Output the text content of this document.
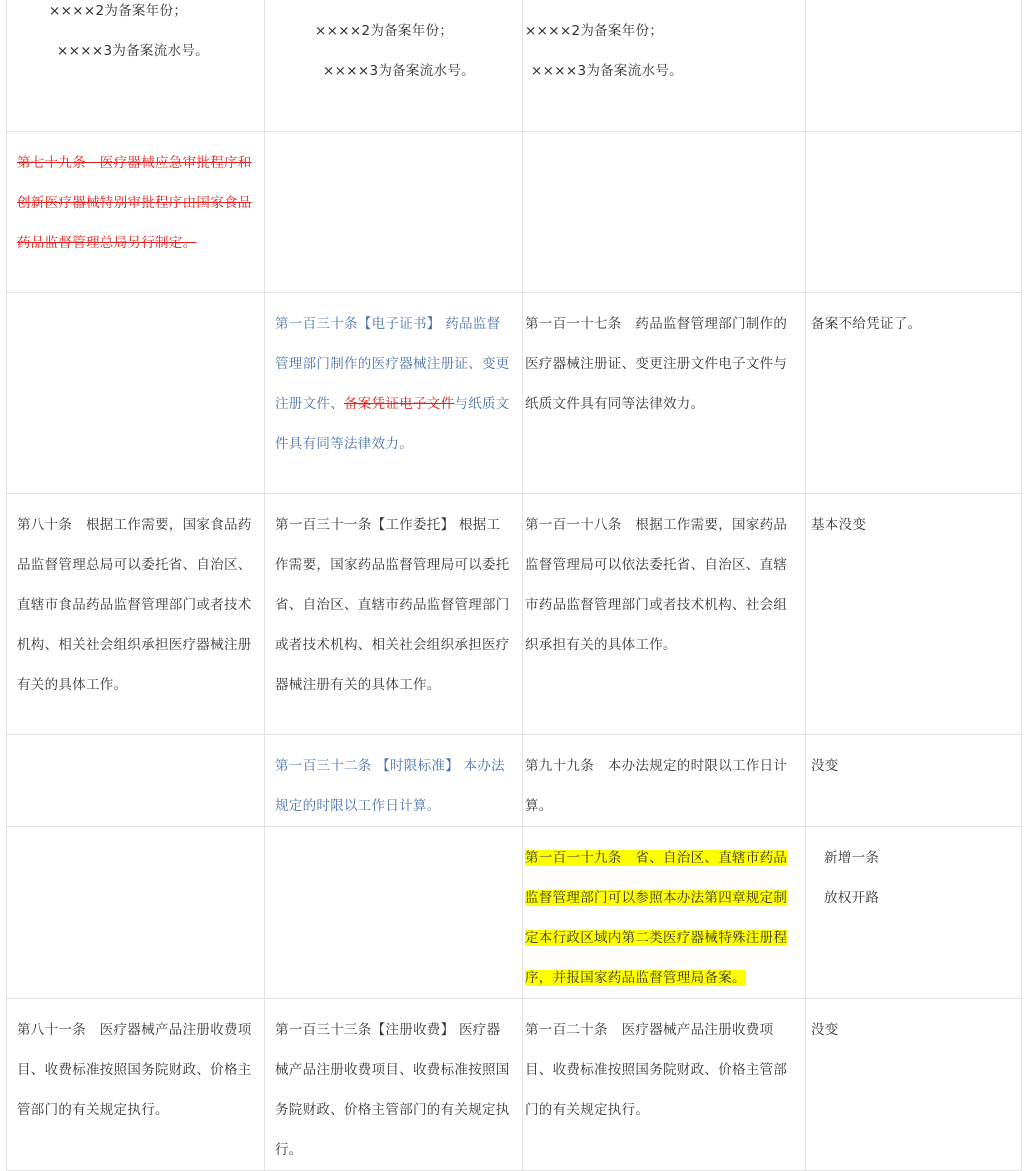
××××2为备案年份；
××××3为备案流水号。	××××2为备案年份；
××××3为备案流水号。	××××2为备案年份；
××××3为备案流水号。	

第七十九条　医疗器械应急审批程序和创新医疗器械特别审批程序由国家食品药品监督管理总局另行制定。			

	第一百三十条【电子证书】 药品监督管理部门制作的医疗器械注册证、变更注册文件、备案凭证电子文件与纸质文件具有同等法律效力。	第一百一十七条　药品监督管理部门制作的医疗器械注册证、变更注册文件电子文件与纸质文件具有同等法律效力。	备案不给凭证了。

第八十条　根据工作需要，国家食品药品监督管理总局可以委托省、自治区、直辖市食品药品监督管理部门或者技术机构、相关社会组织承担医疗器械注册有关的具体工作。	第一百三十一条【工作委托】 根据工作需要，国家药品监督管理局可以委托省、自治区、直辖市药品监督管理部门或者技术机构、相关社会组织承担医疗器械注册有关的具体工作。	第一百一十八条　根据工作需要，国家药品监督管理局可以依法委托省、自治区、直辖市药品监督管理部门或者技术机构、社会组织承担有关的具体工作。	基本没变

	第一百三十二条 【时限标准】 本办法规定的时限以工作日计算。	第九十九条　本办法规定的时限以工作日计算。	没变

		第一百一十九条　省、自治区、直辖市药品监督管理部门可以参照本办法第四章规定制定本行政区域内第二类医疗器械特殊注册程序，并报国家药品监督管理局备案。	新增一条
放权开路

第八十一条　医疗器械产品注册收费项目、收费标准按照国务院财政、价格主管部门的有关规定执行。	第一百三十三条【注册收费】 医疗器械产品注册收费项目、收费标准按照国务院财政、价格主管部门的有关规定执行。	第一百二十条　医疗器械产品注册收费项目、收费标准按照国务院财政、价格主管部门的有关规定执行。	没变
